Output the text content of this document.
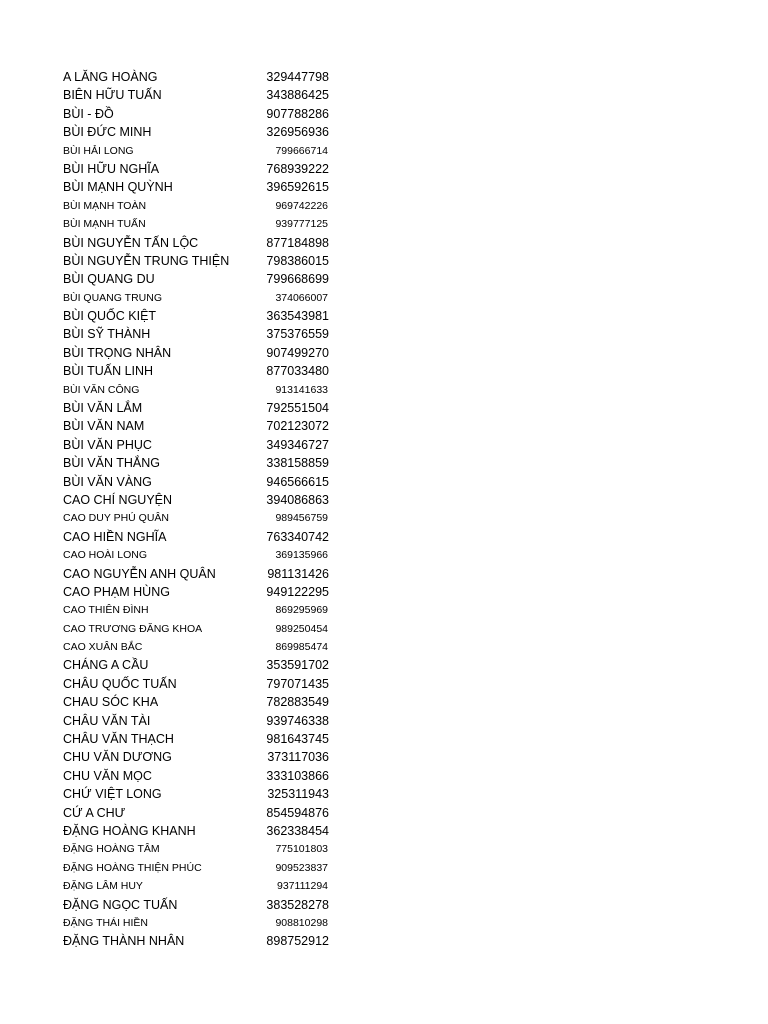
A LĂNG HOÀNG	329447798
BIÊN HỮU TUẤN	343886425
BÙI - ĐỒ	907788286
BÙI ĐỨC MINH	326956936
BÙI HẢI LONG	799666714
BÙI HỮU NGHĨA	768939222
BÙI MẠNH QUỲNH	396592615
BÙI MẠNH TOÀN	969742226
BÙI MẠNH TUẤN	939777125
BÙI NGUYỄN TẤN LỘC	877184898
BÙI NGUYỄN TRUNG THIỆN	798386015
BÙI QUANG DU	799668699
BÙI QUANG TRUNG	374066007
BÙI QUỐC KIỆT	363543981
BÙI SỸ THÀNH	375376559
BÙI TRỌNG NHÂN	907499270
BÙI TUẤN LINH	877033480
BÙI VĂN CÔNG	913141633
BÙI VĂN LẮM	792551504
BÙI VĂN NAM	702123072
BÙI VĂN PHỤC	349346727
BÙI VĂN THẮNG	338158859
BÙI VĂN VÀNG	946566615
CAO CHÍ NGUYỆN	394086863
CAO DUY PHÚ QUÂN	989456759
CAO HIỀN NGHĨA	763340742
CAO HOÀI LONG	369135966
CAO NGUYỄN ANH QUÂN	981131426
CAO PHẠM HÙNG	949122295
CAO THIÊN ĐÌNH	869295969
CAO TRƯƠNG ĐĂNG KHOA	989250454
CAO XUÂN BẮC	869985474
CHÁNG A CẦU	353591702
CHÂU QUỐC TUẤN	797071435
CHAU SÓC KHA	782883549
CHÂU VĂN TÀI	939746338
CHÂU VĂN THẠCH	981643745
CHU VĂN DƯƠNG	373117036
CHU VĂN MỌC	333103866
CHỨ VIỆT LONG	325311943
CỨ A CHƯ	854594876
ĐẶNG HOÀNG KHANH	362338454
ĐẶNG HOÀNG TÂM	775101803
ĐẶNG HOÀNG THIỆN PHÚC	909523837
ĐẶNG LÂM HUY	937111294
ĐẶNG NGỌC TUẤN	383528278
ĐẶNG THÁI HIỀN	908810298
ĐẶNG THÀNH NHÂN	898752912
